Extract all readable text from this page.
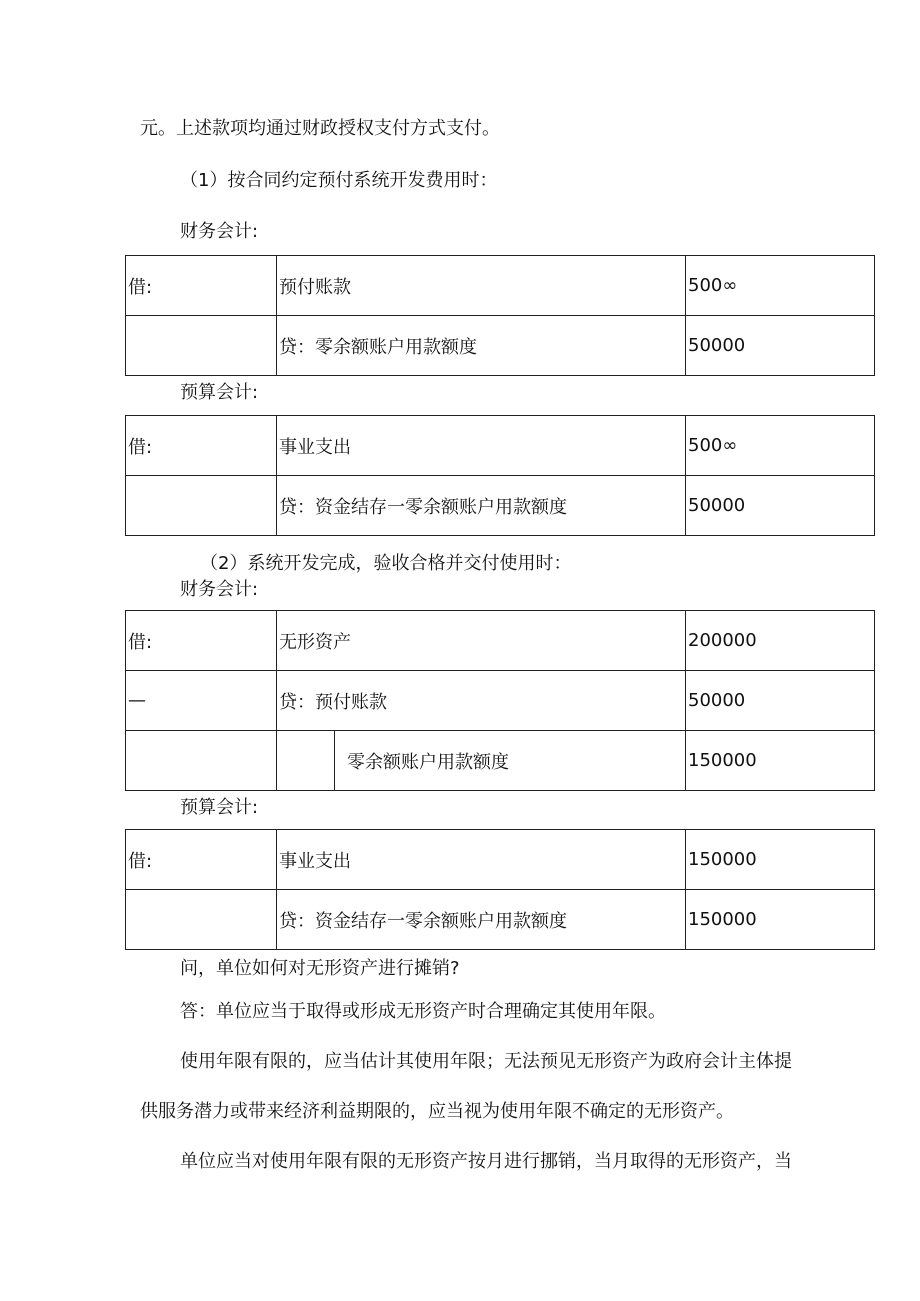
元。上述款项均通过财政授权支付方式支付。
（1）按合同约定预付系统开发费用时：
财务会计:
借:	预付账款	500∞
	贷：零余额账户用款额度	50000
预算会计:
借:	事业支出	500∞
	贷：资金结存一零余额账户用款额度	50000
（2）系统开发完成，验收合格并交付使用时：
财务会计:
借:	无形资产		200000
—	贷：预付账款		50000
		零余额账户用款额度	150000
预算会计:
借:	事业支出	150000
	贷：资金结存一零余额账户用款额度	150000
问，单位如何对无形资产进行摊销?
答：单位应当于取得或形成无形资产时合理确定其使用年限。
使用年限有限的，应当估计其使用年限；无法预见无形资产为政府会计主体提
供服务潜力或带来经济利益期限的，应当视为使用年限不确定的无形资产。
单位应当对使用年限有限的无形资产按月进行挪销，当月取得的无形资产，当
